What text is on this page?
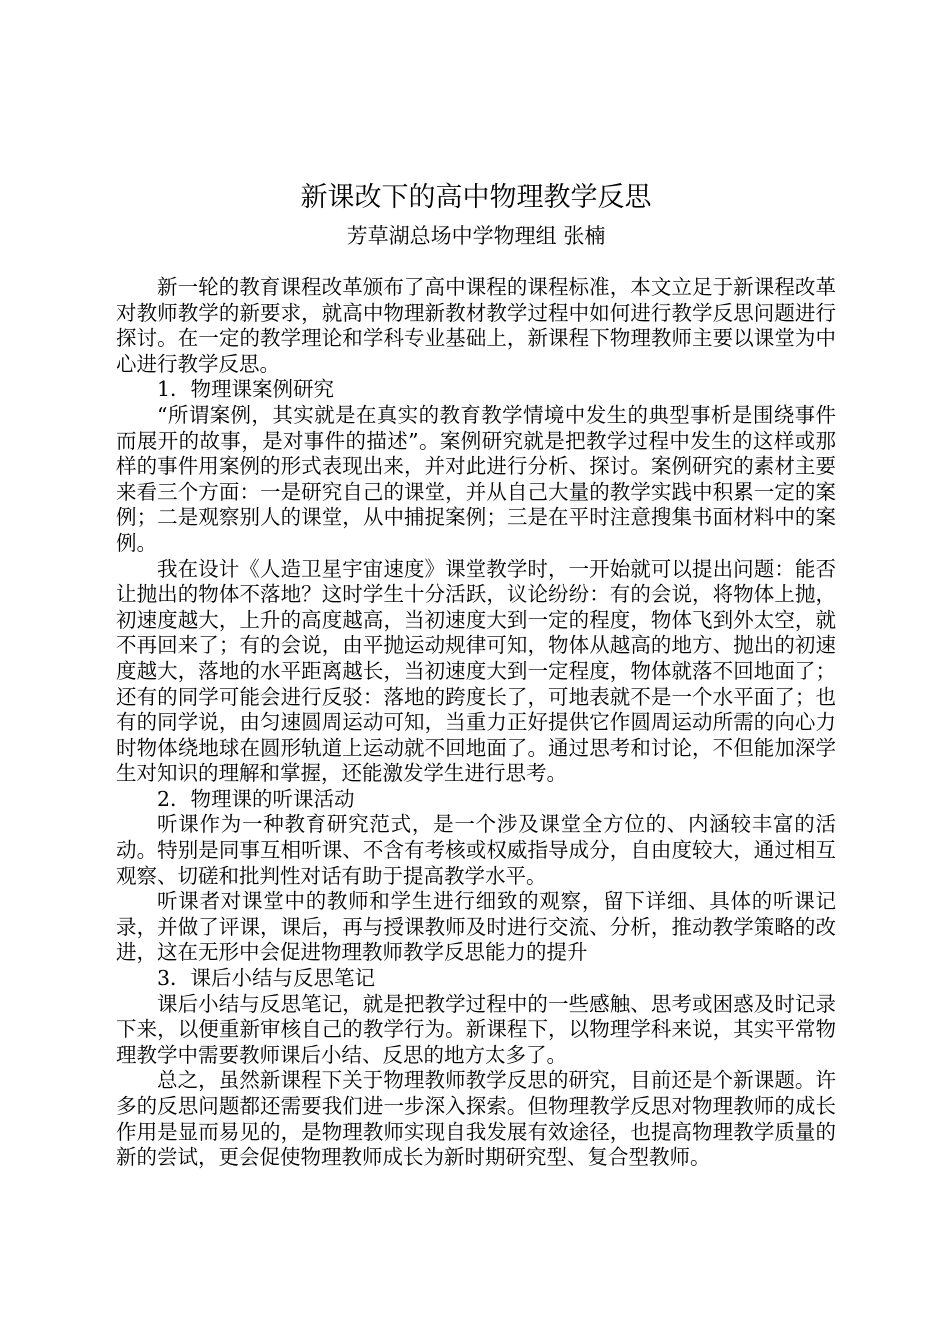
新课改下的高中物理教学反思
芳草湖总场中学物理组 张楠

新一轮的教育课程改革颁布了高中课程的课程标准，本文立足于新课程改革对教师教学的新要求，就高中物理新教材教学过程中如何进行教学反思问题进行探讨。在一定的教学理论和学科专业基础上，新课程下物理教师主要以课堂为中心进行教学反思。

1．物理课案例研究

“所谓案例，其实就是在真实的教育教学情境中发生的典型事析是围绕事件而展开的故事，是对事件的描述”。案例研究就是把教学过程中发生的这样或那样的事件用案例的形式表现出来，并对此进行分析、探讨。案例研究的素材主要来看三个方面：一是研究自己的课堂，并从自己大量的教学实践中积累一定的案例；二是观察别人的课堂，从中捕捉案例；三是在平时注意搜集书面材料中的案例。

我在设计《人造卫星宇宙速度》课堂教学时，一开始就可以提出问题：能否让抛出的物体不落地？这时学生十分活跃，议论纷纷：有的会说，将物体上抛，初速度越大，上升的高度越高，当初速度大到一定的程度，物体飞到外太空，就不再回来了；有的会说，由平抛运动规律可知，物体从越高的地方、抛出的初速度越大，落地的水平距离越长，当初速度大到一定程度，物体就落不回地面了；还有的同学可能会进行反驳：落地的跨度长了，可地表就不是一个水平面了；也有的同学说，由匀速圆周运动可知，当重力正好提供它作圆周运动所需的向心力时物体绕地球在圆形轨道上运动就不回地面了。通过思考和讨论，不但能加深学生对知识的理解和掌握，还能激发学生进行思考。

2．物理课的听课活动

听课作为一种教育研究范式，是一个涉及课堂全方位的、内涵较丰富的活动。特别是同事互相听课、不含有考核或权威指导成分，自由度较大，通过相互观察、切磋和批判性对话有助于提高教学水平。

听课者对课堂中的教师和学生进行细致的观察，留下详细、具体的听课记录，并做了评课，课后，再与授课教师及时进行交流、分析，推动教学策略的改进，这在无形中会促进物理教师教学反思能力的提升

3．课后小结与反思笔记

课后小结与反思笔记，就是把教学过程中的一些感触、思考或困惑及时记录下来，以便重新审核自己的教学行为。新课程下，以物理学科来说，其实平常物理教学中需要教师课后小结、反思的地方太多了。

总之，虽然新课程下关于物理教师教学反思的研究，目前还是个新课题。许多的反思问题都还需要我们进一步深入探索。但物理教学反思对物理教师的成长作用是显而易见的，是物理教师实现自我发展有效途径，也提高物理教学质量的新的尝试，更会促使物理教师成长为新时期研究型、复合型教师。
